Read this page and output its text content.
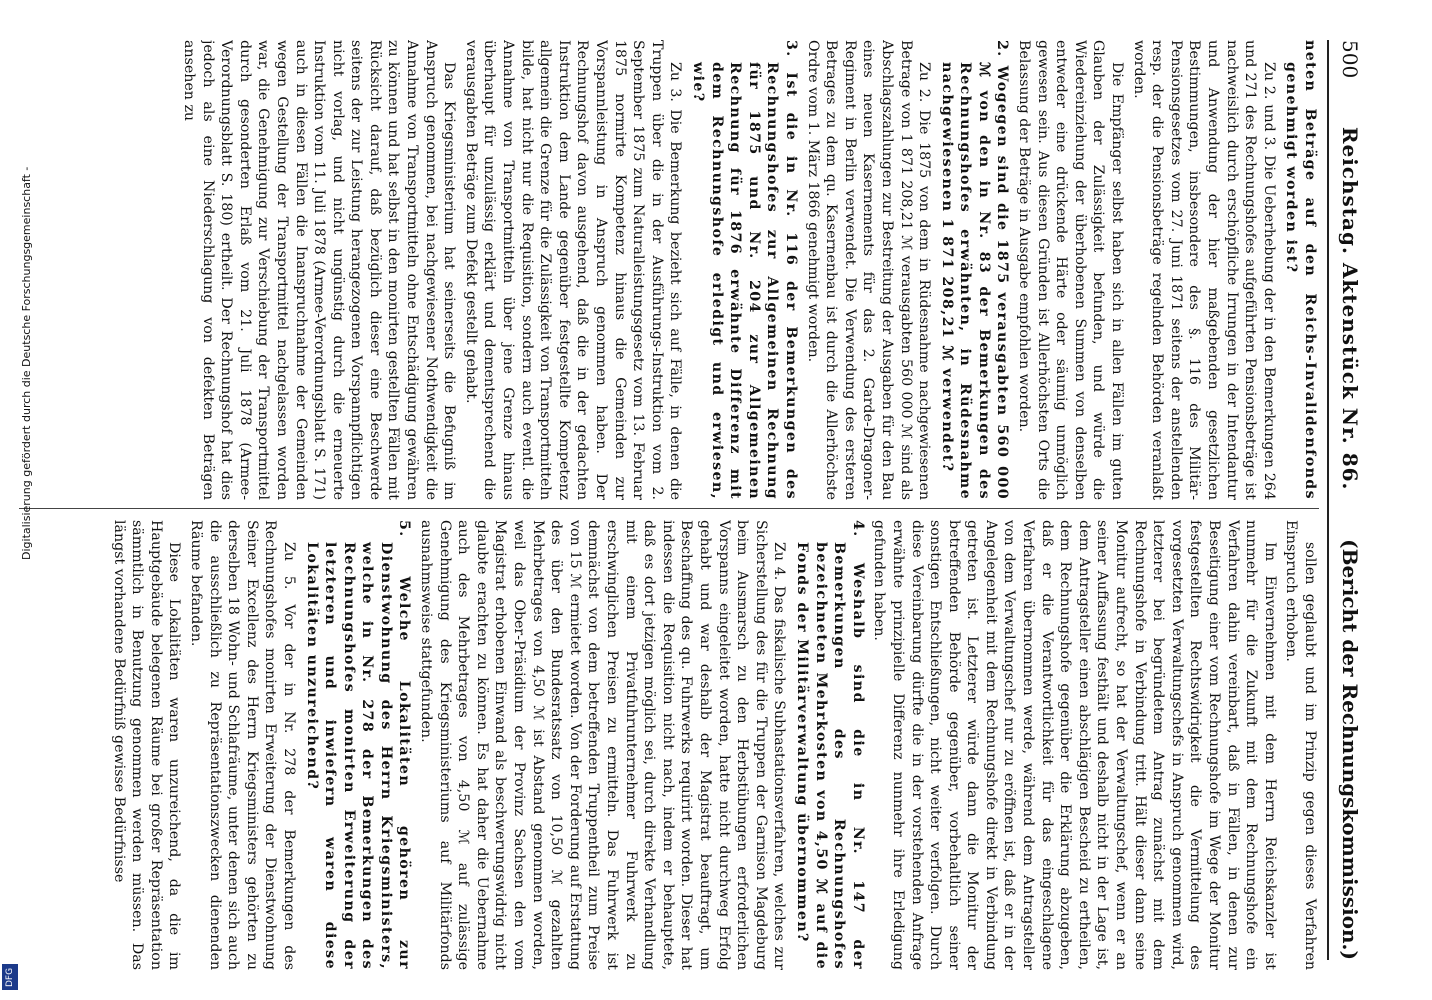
500
Reichstag. Aktenstück Nr. 86.
(Bericht der Rechnungskommission.)
neten Beträge auf den Reichs-Invalidenfonds genehmigt worden ist?
Zu 2. und 3. Die Ueberhebung der in den Bemerkungen 264 und 271 des Rechnungshofes aufgeführten Pensionsbeträge ist nachweislich durch erschöpfliche Irrungen in der Intendantur und Anwendung der hier maßgebenden gesetzlichen Bestimmungen, insbesondere des §. 116 des Militär-Pensionsgesetzes vom 27. Juni 1871 seitens der anstellenden resp. der die Pensionsbeträge regelnden Behörden veranlaßt worden.
Die Empfänger selbst haben sich in allen Fällen im guten Glauben der Zulässigkeit befunden, und würde die Wiedereinziehung der überhobenen Summen von denselben entweder eine drückende Härte oder säumig unmöglich gewesen sein. Aus diesen Gründen ist Allerhöchsten Orts die Belassung der Beträge in Ausgabe empfohlen worden.
2. Wogegen sind die 1875 verausgabten 560 000 ℳ von den in Nr. 83 der Bemerkungen des Rechnungshofes erwähnten, in Rüdesnahme nachgewiesenen 1 871 208,21 ℳ verwendet?
Zu 2. Die 1875 von dem in Rüdesnahme nachgewiesenen Betrage von 1 871 208,21 ℳ verausgabten 560 000 ℳ sind als Abschlagszahlungen zur Bestreitung der Ausgaben für den Bau eines neuen Kasernements für das 2. Garde-Dragoner-Regiment in Berlin verwendet. Die Verwendung des ersteren Betrages zu dem qu. Kasernenbau ist durch die Allerhöchste Ordre vom 1. März 1866 genehmigt worden.
3. Ist die in Nr. 116 der Bemerkungen des Rechnungshofes zur Allgemeinen Rechnung für 1875 und Nr. 204 zur Allgemeinen Rechnung für 1876 erwähnte Differenz mit dem Rechnungshofe erledigt und erwiesen, wie?
Zu 3. Die Bemerkung bezieht sich auf Fälle, in denen die Truppen über die in der Ausführungs-Instruktion vom 2. September 1875 zum Naturalleistungsgesetz vom 13. Februar 1875 normirte Kompetenz hinaus die Gemeinden zur Vorspannleistung in Anspruch genommen haben. Der Rechnungshof davon ausgehend, daß die in der gedachten Instruktion dem Lande gegenüber festgestellte Kompetenz allgemein die Grenze für die Zulässigkeit von Transportmitteln bilde, hat nicht nur die Requisition, sondern auch eventl. die Annahme von Transportmitteln über jene Grenze hinaus überhaupt für unzulässig erklärt und dementsprechend die verausgabten Beträge zum Defekt gestellt gehabt.
Das Kriegsministerium hat seinerseits die Befugniß im Anspruch genommen, bei nachgewiesener Nothwendigkeit die Annahme von Transportmitteln ohne Entschädigung gewähren zu können und hat selbst in den monirten gestellten Fällen mit Rücksicht darauf, daß bezüglich dieser eine Beschwerde seitens der zur Leistung herangezogenen Vorspannpflichtigen nicht vorlag, und nicht ungünstig durch die erneuerte Instruktion vom 11. Juli 1878 (Armee-Verordnungsblatt S. 171) auch in diesen Fällen die Inanspruchnahme der Gemeinden wegen Gestellung der Transportmittel nachgelassen worden war, die Genehmigung zur Verschiebung der Transportmittel durch gesonderten Erlaß vom 21. Juli 1878 (Armee-Verordnungsblatt S. 180) ertheilt. Der Rechnungshof hat dies jedoch als eine Niederschlagung von defekten Beträgen ansehen zu
sollen geglaubt und im Prinzip gegen dieses Verfahren Einspruch erhoben.
Im Einvernehmen mit dem Herrn Reichskanzler ist nunmehr für die Zukunft mit dem Rechnungshofe ein Verfahren dahin vereinbart, daß in Fällen, in denen zur Beseitigung einer vom Rechnungshofe im Wege der Monitur festgestellten Rechtswidrigkeit die Vermittelung des vorgesetzten Verwaltungschefs in Anspruch genommen wird, letzterer bei begründetem Antrag zunächst mit dem Rechnungshofe in Verbindung tritt. Hält dieser dann seine Monitur aufrecht, so hat der Verwaltungschef, wenn er an seiner Auffassung festhält und deshalb nicht in der Lage ist, dem Antragsteller einen abschlägigen Bescheid zu ertheilen, dem Rechnungshofe gegenüber die Erklärung abzugeben, daß er die Verantwortlichkeit für das eingeschlagene Verfahren übernommen werde, während dem Antragsteller von dem Verwaltungschef nur zu eröffnen ist, daß er in der Angelegenheit mit dem Rechnungshofe direkt in Verbindung getreten ist. Letzterer würde dann die Monitur der betreffenden Behörde gegenüber, vorbehaltlich seiner sonstigen Entschließungen, nicht weiter verfolgen. Durch diese Vereinbarung dürfte die in der vorstehenden Anfrage erwähnte prinzipielle Differenz nunmehr ihre Erledigung gefunden haben.
4. Weshalb sind die in Nr. 147 der Bemerkungen des Rechnungshofes bezeichneten Mehrkosten von 4,50 ℳ auf die Fonds der Militärverwaltung übernommen?
Zu 4. Das fiskalische Subhastationsverfahren, welches zur Sicherstellung des für die Truppen der Garnison Magdeburg beim Ausmarsch zu den Herbstübungen erforderlichen Vorspanns eingeleitet worden, hatte nicht durchweg Erfolg gehabt und war deshalb der Magistrat beauftragt, um Beschaffung des qu. Fuhrwerks requirirt worden. Dieser hat indessen die Requisition nicht nach, indem er behauptete, daß es dort jetzigen möglich sei, durch direkte Verhandlung mit einem Privatfuhrunternehmer Fuhrwerk zu erschwinglichen Preisen zu ermitteln. Das Fuhrwerk ist demnächst von dem betreffenden Truppentheil zum Preise von 15 ℳ ermietet worden. Von der Forderung auf Erstattung des über den Bundesratssatz von 10,50 ℳ gezahlten Mehrbetrages von 4,50 ℳ ist Abstand genommen worden, weil das Ober-Präsidium der Provinz Sachsen den vom Magistrat erhobenen Einwand als beschwerungswidrig nicht glaubte erachten zu können. Es hat daher die Uebernahme auch des Mehrbetrages von 4,50 ℳ auf zulässige Genehmigung des Kriegsministeriums auf Militärfonds ausnahmsweise stattgefunden.
5. Welche Lokalitäten gehören zur Dienstwohnung des Herrn Kriegsministers, welche in Nr. 278 der Bemerkungen des Rechnungshofes monirten Erweiterung der letzteren und inwiefern waren diese Lokalitäten unzureichend?
Zu 5. Vor der in Nr. 278 der Bemerkungen des Rechnungshofes monirten Erweiterung der Dienstwohnung Seiner Excellenz des Herrn Kriegsministers gehörten zu derselben 18 Wohn- und Schlafräume, unter denen sich auch die ausschließlich zu Repräsentationszwecken dienenden Räume befanden.
Diese Lokalitäten waren unzureichend, da die im Hauptgebäude belegenen Räume bei großer Repräsentation sämmtlich in Benutzung genommen werden müssen. Das längst vorhandene Bedürfniß gewisse Bedürfnisse
Digitalisierung gefördert durch die Deutsche Forschungsgemeinschaft -
DFG
